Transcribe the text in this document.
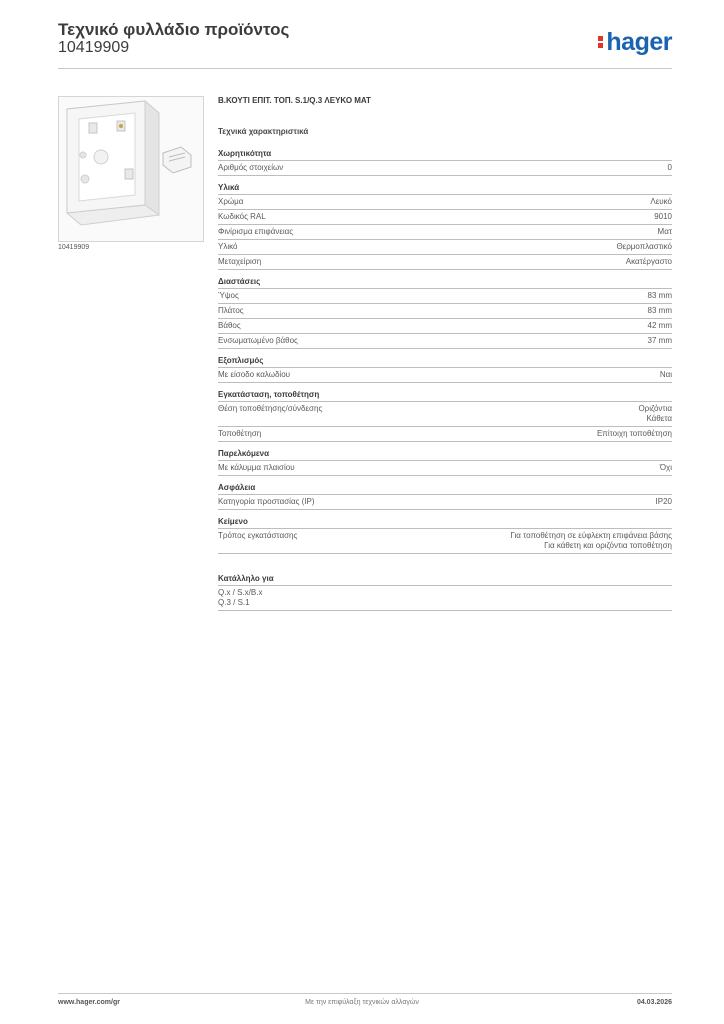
Τεχνικό φυλλάδιο προϊόντος
10419909	hager
10419909
Β.ΚΟΥΤΙ ΕΠΙΤ. ΤΟΠ. S.1/Q.3 ΛΕΥΚΟ ΜΑΤ
Τεχνικά χαρακτηριστικά
Χωρητικότητα
Αριθμός στοιχείων	0
Υλικά
Χρώμα	Λευκό
Κωδικός RAL	9010
Φινίρισμα επιφάνειας	Ματ
Υλικό	Θερμοπλαστικό
Μεταχείριση	Ακατέργαστο
Διαστάσεις
Ύψος	83 mm
Πλάτος	83 mm
Βάθος	42 mm
Ενσωματωμένο βάθος	37 mm
Εξοπλισμός
Με είσοδο καλωδίου	Ναι
Εγκατάσταση, τοποθέτηση
Θέση τοποθέτησης/σύνδεσης	Οριζόντια
Κάθετα
Τοποθέτηση	Επίτοιχη τοποθέτηση
Παρελκόμενα
Με κάλυμμα πλαισίου	Όχι
Ασφάλεια
Κατηγορία προστασίας (IP)	IP20
Κείμενο
Τρόπος εγκατάστασης	Για τοποθέτηση σε εύφλεκτη επιφάνεια βάσης
Για κάθετη και οριζόντια τοποθέτηση
Κατάλληλο για
Q.x / S.x/B.x
Q.3 / S.1
Με την επιφύλαξη τεχνικών αλλαγών
www.hager.com/gr	04.03.2026
